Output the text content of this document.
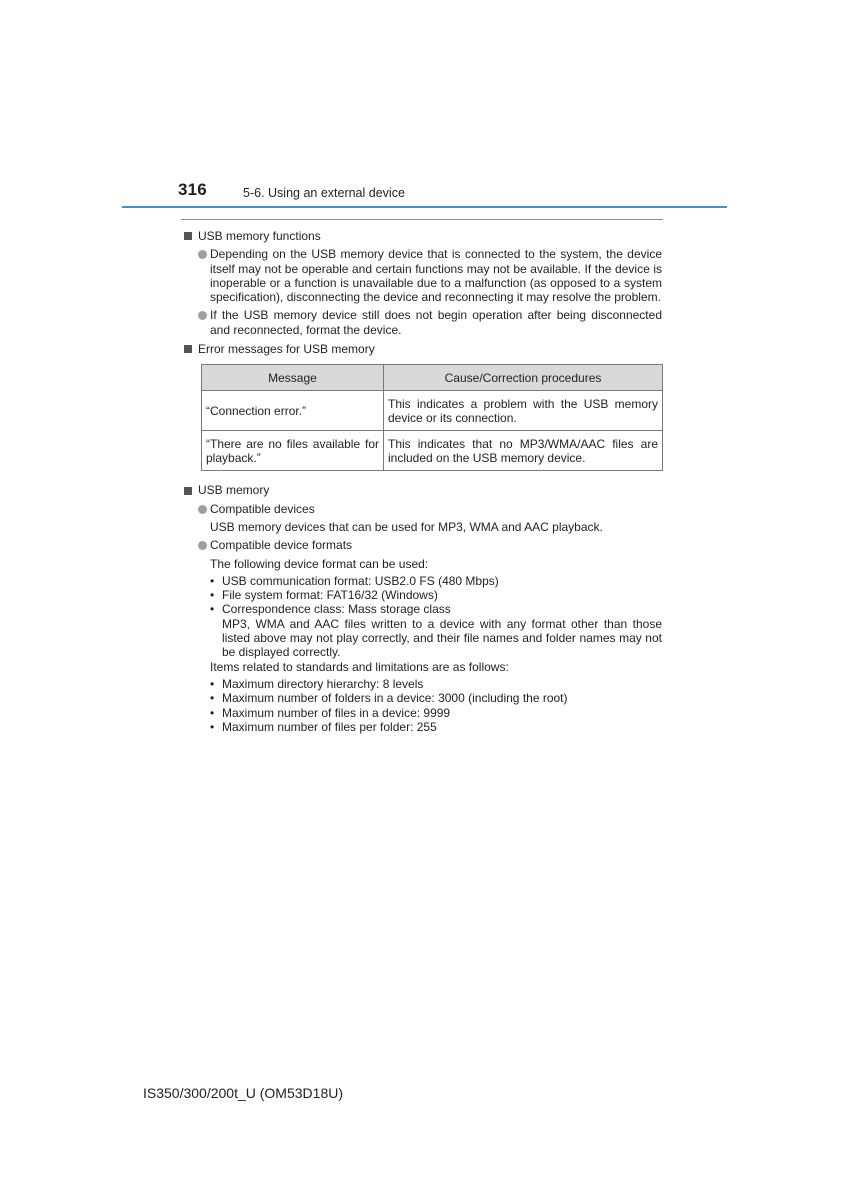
316	5-6. Using an external device
USB memory functions
Depending on the USB memory device that is connected to the system, the device itself may not be operable and certain functions may not be available. If the device is inoperable or a function is unavailable due to a malfunction (as opposed to a system specification), disconnecting the device and reconnecting it may resolve the problem.
If the USB memory device still does not begin operation after being disconnected and reconnected, format the device.
Error messages for USB memory
Message	Cause/Correction procedures
“Connection error.”	This indicates a problem with the USB memory device or its connection.
“There are no files available for playback.”	This indicates that no MP3/WMA/AAC files are included on the USB memory device.
USB memory
Compatible devices
USB memory devices that can be used for MP3, WMA and AAC playback.
Compatible device formats
The following device format can be used:
• USB communication format: USB2.0 FS (480 Mbps)
• File system format: FAT16/32 (Windows)
• Correspondence class: Mass storage class
MP3, WMA and AAC files written to a device with any format other than those listed above may not play correctly, and their file names and folder names may not be displayed correctly.
Items related to standards and limitations are as follows:
• Maximum directory hierarchy: 8 levels
• Maximum number of folders in a device: 3000 (including the root)
• Maximum number of files in a device: 9999
• Maximum number of files per folder: 255
IS350/300/200t_U (OM53D18U)
